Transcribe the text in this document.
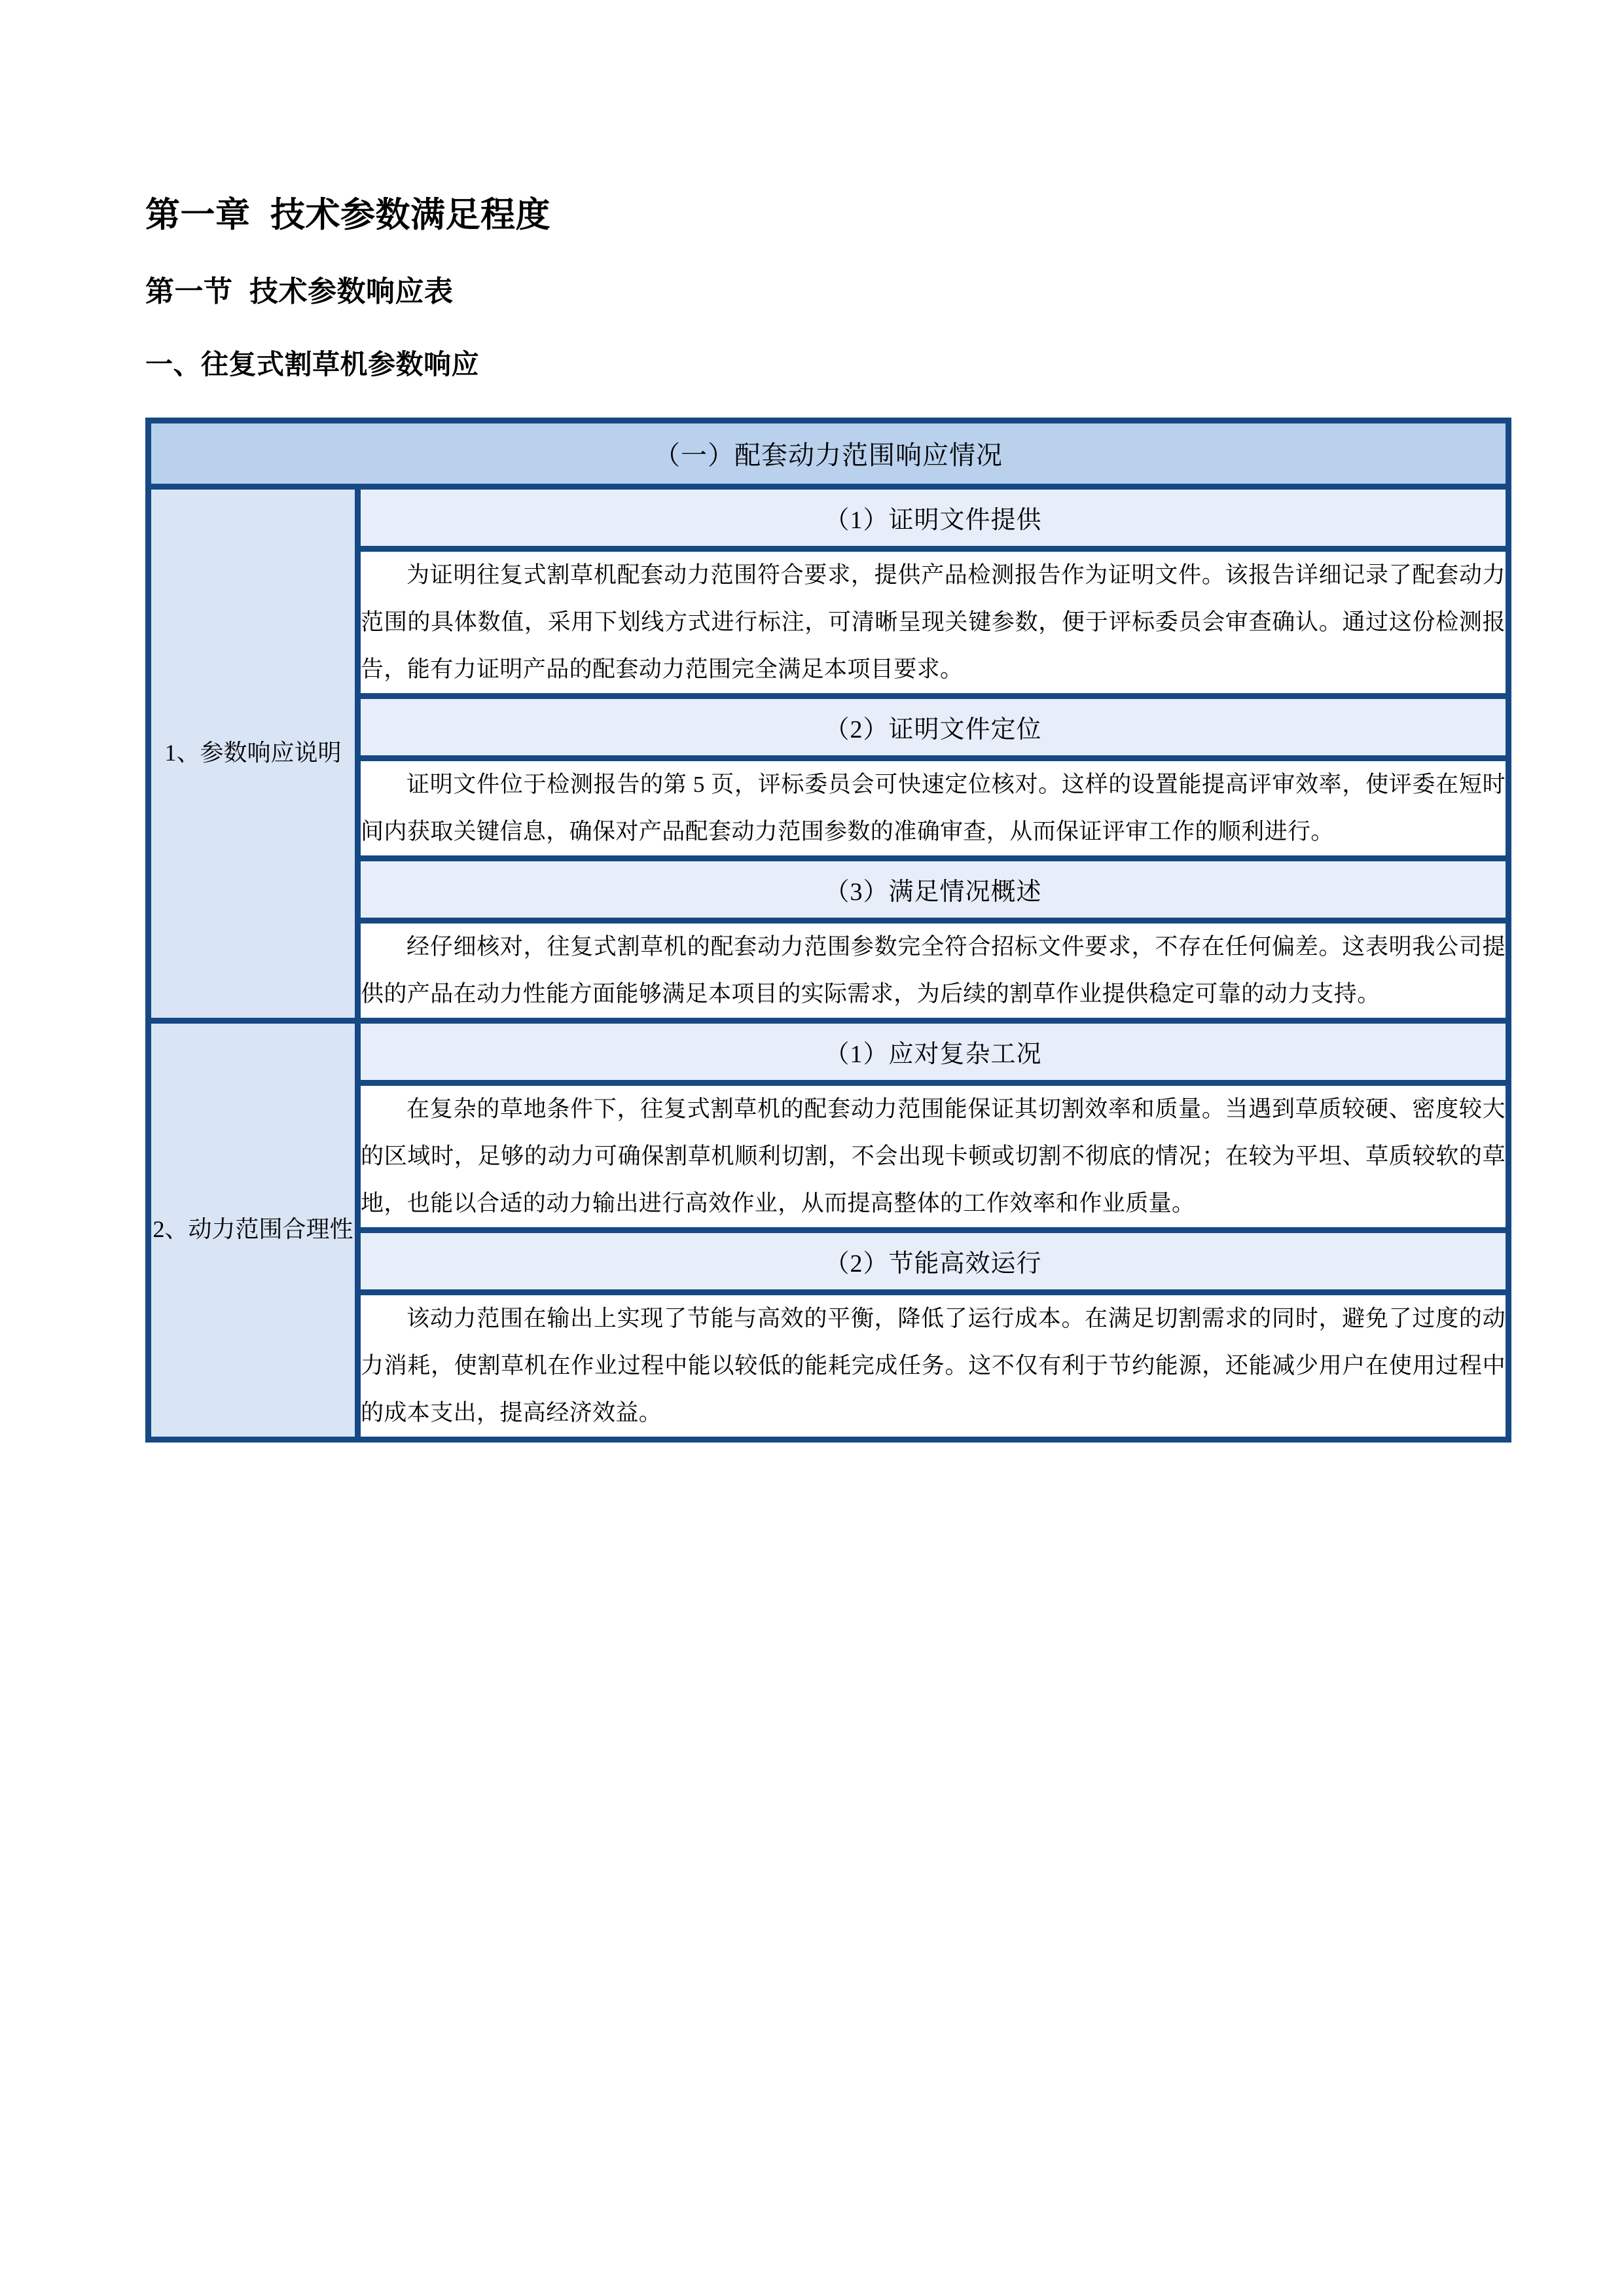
第一章  技术参数满足程度
第一节  技术参数响应表
一、往复式割草机参数响应
（一）配套动力范围响应情况	
1、参数响应说明	（1）证明文件提供
	为证明往复式割草机配套动力范围符合要求，提供产品检测报告作为证明文件。该报告详细记录了配套动力范围的具体数值，采用下划线方式进行标注，可清晰呈现关键参数，便于评标委员会审查确认。通过这份检测报告，能有力证明产品的配套动力范围完全满足本项目要求。
	（2）证明文件定位
	证明文件位于检测报告的第 5 页，评标委员会可快速定位核对。这样的设置能提高评审效率，使评委在短时间内获取关键信息，确保对产品配套动力范围参数的准确审查，从而保证评审工作的顺利进行。
	（3）满足情况概述
	经仔细核对，往复式割草机的配套动力范围参数完全符合招标文件要求，不存在任何偏差。这表明我公司提供的产品在动力性能方面能够满足本项目的实际需求，为后续的割草作业提供稳定可靠的动力支持。
2、动力范围合理性	（1）应对复杂工况
	在复杂的草地条件下，往复式割草机的配套动力范围能保证其切割效率和质量。当遇到草质较硬、密度较大的区域时，足够的动力可确保割草机顺利切割，不会出现卡顿或切割不彻底的情况；在较为平坦、草质较软的草地，也能以合适的动力输出进行高效作业，从而提高整体的工作效率和作业质量。
	（2）节能高效运行
	该动力范围在输出上实现了节能与高效的平衡，降低了运行成本。在满足切割需求的同时，避免了过度的动力消耗，使割草机在作业过程中能以较低的能耗完成任务。这不仅有利于节约能源，还能减少用户在使用过程中的成本支出，提高经济效益。
